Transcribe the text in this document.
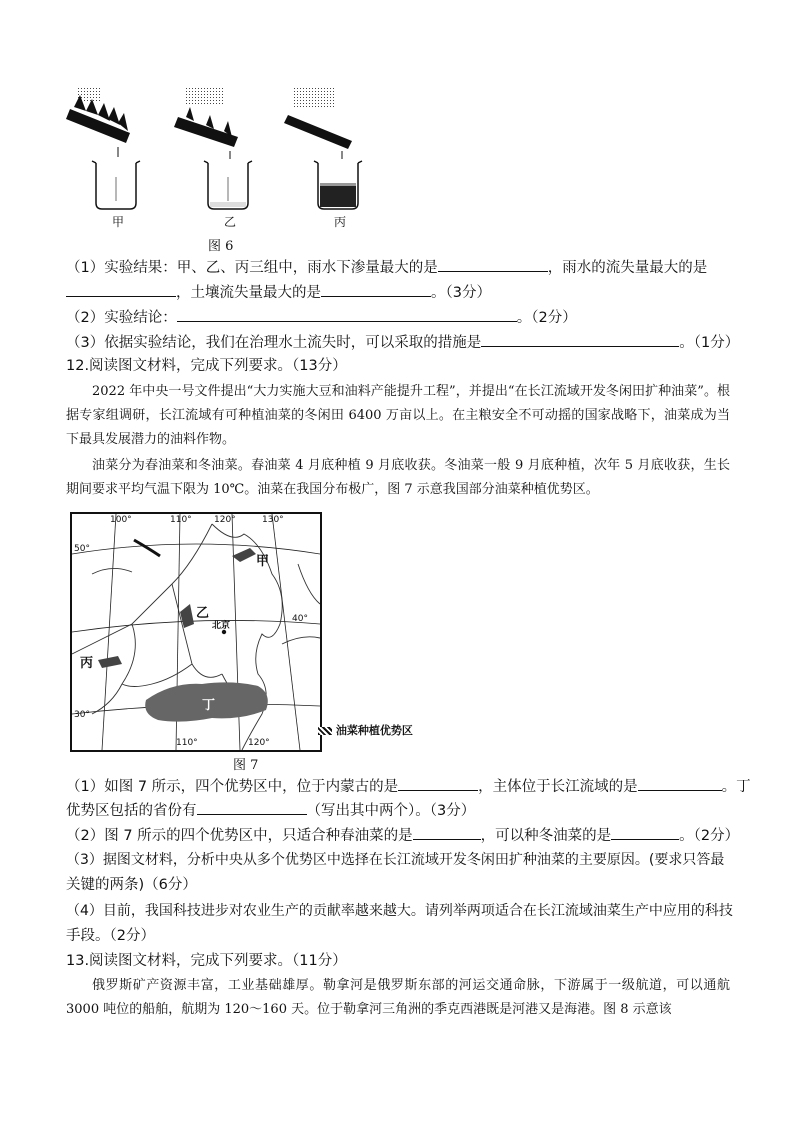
甲	乙	丙
图 6
（1）实验结果：甲、乙、丙三组中，雨水下渗量最大的是	，雨水的流失量最大的是
，土壤流失量最大的是	。（3分）
（2）实验结论：	。（2分）
（3）依据实验结论，我们在治理水土流失时，可以采取的措施是	。（1分）
12.阅读图文材料，完成下列要求。（13分）
2022 年中央一号文件提出“大力实施大豆和油料产能提升工程”，并提出“在长江流域开发冬闲田扩种油菜”。根据专家组调研，长江流域有可种植油菜的冬闲田 6400 万亩以上。在主粮安全不可动摇的国家战略下，油菜成为当下最具发展潜力的油料作物。
油菜分为春油菜和冬油菜。春油菜 4 月底种植 9 月底收获。冬油菜一般 9 月底种植，次年 5 月底收获，生长期间要求平均气温下限为 10℃。油菜在我国分布极广，图 7 示意我国部分油菜种植优势区。
100°	110° 120°	130°
110°	120°
50°
40°
30°
甲
乙
丙
丁
北京
油菜种植优势区
图 7
（1）如图 7 所示，四个优势区中，位于内蒙古的是	，主体位于长江流域的是	。丁
优势区包括的省份有	（写出其中两个）。（3分）
（2）图 7 所示的四个优势区中，只适合种春油菜的是	，可以种冬油菜的是	。（2分）
（3）据图文材料，分析中央从多个优势区中选择在长江流域开发冬闲田扩种油菜的主要原因。(要求只答最
关键的两条)（6分）
（4）目前，我国科技进步对农业生产的贡献率越来越大。请列举两项适合在长江流域油菜生产中应用的科技
手段。（2分）
13.阅读图文材料，完成下列要求。（11分）
俄罗斯矿产资源丰富，工业基础雄厚。勒拿河是俄罗斯东部的河运交通命脉，下游属于一级航道，可以通航 3000 吨位的船舶，航期为 120～160 天。位于勒拿河三角洲的季克西港既是河港又是海港。图 8 示意该
